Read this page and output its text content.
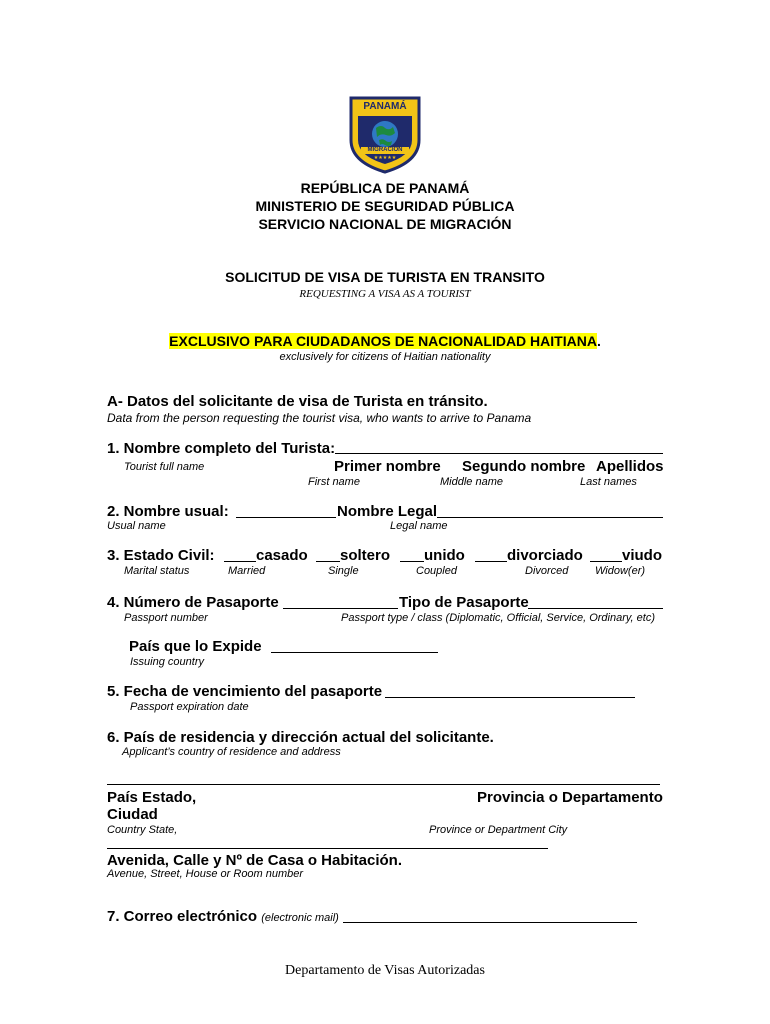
PANAMÁ
MIGRACIÓN
★★★★★
REPÚBLICA DE PANAMÁ
MINISTERIO DE SEGURIDAD PÚBLICA
SERVICIO NACIONAL DE MIGRACIÓN
SOLICITUD DE VISA DE TURISTA EN TRANSITO
REQUESTING A VISA AS A TOURIST
EXCLUSIVO PARA CIUDADANOS DE NACIONALIDAD HAITIANA.
exclusively for citizens of Haitian nationality
A- Datos del solicitante de visa de Turista en tránsito.
Data from the person requesting the tourist visa, who wants to arrive to Panama
1. Nombre completo del Turista:
Tourist full name	Primer nombre Segundo nombre Apellidos
First name	Middle name	Last names
2. Nombre usual:	Nombre Legal
Usual name	Legal name
3. Estado Civil:	casado soltero unido	divorciado	viudo
Marital status	Married	Single	Coupled	Divorced Widow(er)
4. Número de Pasaporte	Tipo de Pasaporte
Passport number	Passport type / class (Diplomatic, Official, Service, Ordinary, etc)
País que lo Expide
Issuing country
5. Fecha de vencimiento del pasaporte
Passport expiration date
6. País de residencia y dirección actual del solicitante.
Applicant’s country of residence and address
País Estado,	Provincia o Departamento
Ciudad
Country State,	Province or Department City
Avenida, Calle y Nº de Casa o Habitación.
Avenue, Street, House or Room number
7. Correo electrónico (electronic mail)
Departamento de Visas Autorizadas
